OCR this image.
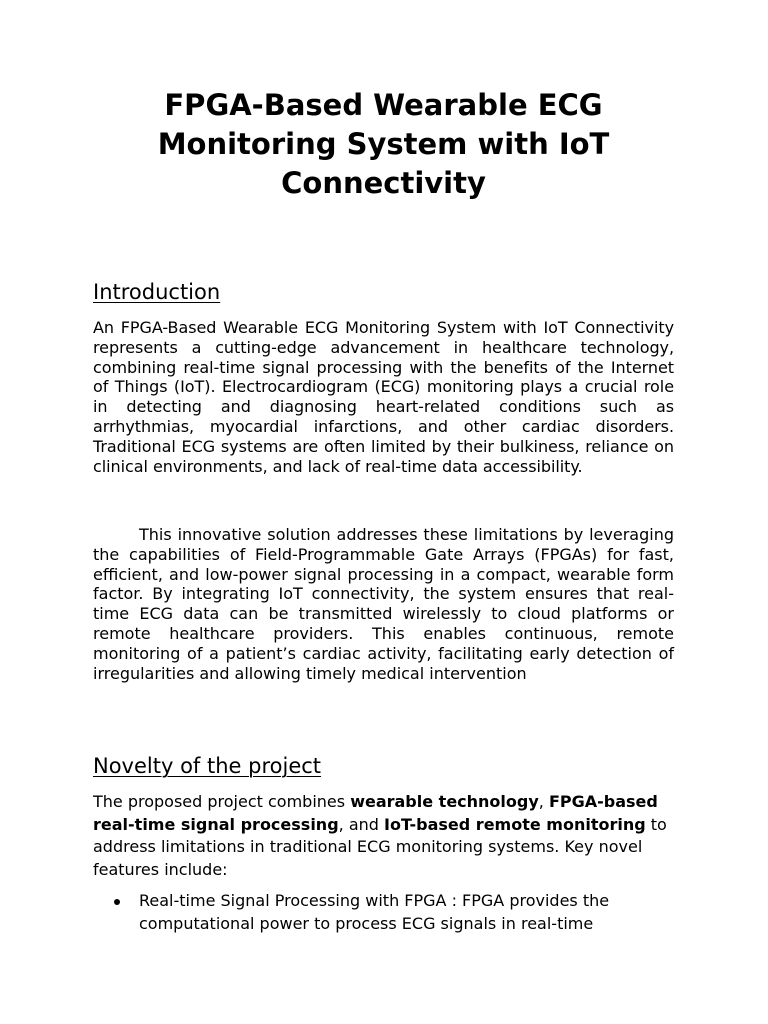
FPGA-Based Wearable ECG Monitoring System with IoT Connectivity
Introduction

An FPGA-Based Wearable ECG Monitoring System with IoT Connectivity represents a cutting-edge advancement in healthcare technology, combining real-time signal processing with the benefits of the Internet of Things (IoT). Electrocardiogram (ECG) monitoring plays a crucial role in detecting and diagnosing heart-related conditions such as arrhythmias, myocardial infarctions, and other cardiac disorders. Traditional ECG systems are often limited by their bulkiness, reliance on clinical environments, and lack of real-time data accessibility.

This innovative solution addresses these limitations by leveraging the capabilities of Field-Programmable Gate Arrays (FPGAs) for fast, efficient, and low-power signal processing in a compact, wearable form factor. By integrating IoT connectivity, the system ensures that real-time ECG data can be transmitted wirelessly to cloud platforms or remote healthcare providers. This enables continuous, remote monitoring of a patient’s cardiac activity, facilitating early detection of irregularities and allowing timely medical intervention

Novelty of the project

The proposed project combines wearable technology, FPGA-based real-time signal processing, and IoT-based remote monitoring to address limitations in traditional ECG monitoring systems. Key novel features include:

Real-time Signal Processing with FPGA : FPGA provides the computational power to process ECG signals in real-time
